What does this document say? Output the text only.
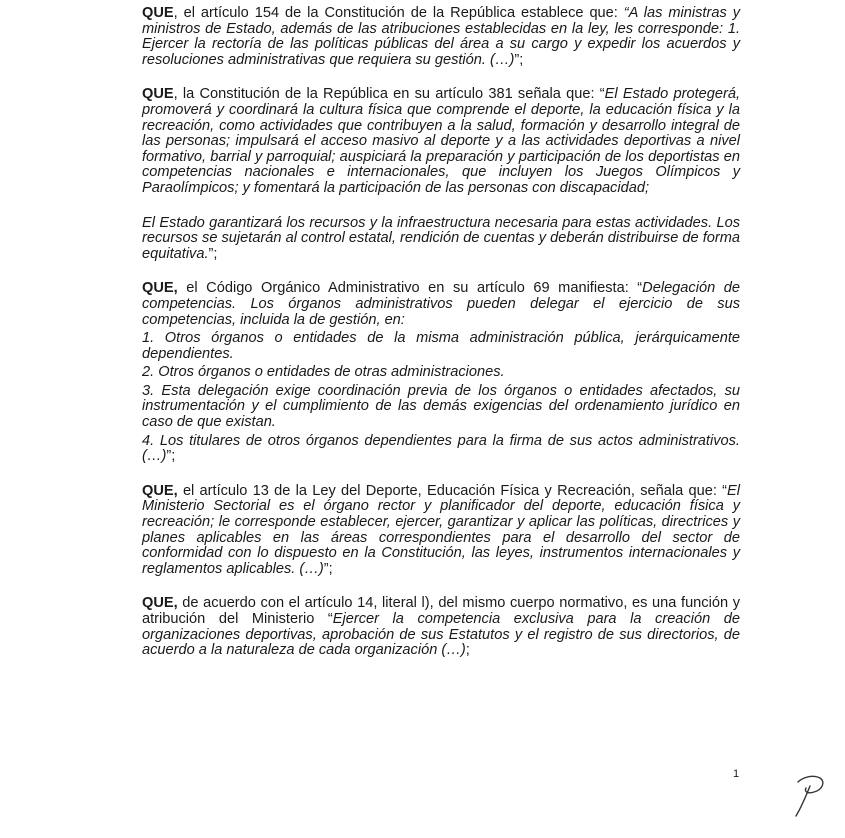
QUE, el artículo 154 de la Constitución de la República establece que: “A las ministras y ministros de Estado, además de las atribuciones establecidas en la ley, les corresponde: 1. Ejercer la rectoría de las políticas públicas del área a su cargo y expedir los acuerdos y resoluciones administrativas que requiera su gestión. (…)”;

QUE, la Constitución de la República en su artículo 381 señala que: “El Estado protegerá, promoverá y coordinará la cultura física que comprende el deporte, la educación física y la recreación, como actividades que contribuyen a la salud, formación y desarrollo integral de las personas; impulsará el acceso masivo al deporte y a las actividades deportivas a nivel formativo, barrial y parroquial; auspiciará la preparación y participación de los deportistas en competencias nacionales e internacionales, que incluyen los Juegos Olímpicos y Paraolímpicos; y fomentará la participación de las personas con discapacidad;

El Estado garantizará los recursos y la infraestructura necesaria para estas actividades. Los recursos se sujetarán al control estatal, rendición de cuentas y deberán distribuirse de forma equitativa.”;

QUE, el Código Orgánico Administrativo en su artículo 69 manifiesta: “Delegación de competencias. Los órganos administrativos pueden delegar el ejercicio de sus competencias, incluida la de gestión, en:

1. Otros órganos o entidades de la misma administración pública, jerárquicamente dependientes.

2. Otros órganos o entidades de otras administraciones.

3. Esta delegación exige coordinación previa de los órganos o entidades afectados, su instrumentación y el cumplimiento de las demás exigencias del ordenamiento jurídico en caso de que existan.

4. Los titulares de otros órganos dependientes para la firma de sus actos administrativos. (…)”;

QUE, el artículo 13 de la Ley del Deporte, Educación Física y Recreación, señala que: “El Ministerio Sectorial es el órgano rector y planificador del deporte, educación física y recreación; le corresponde establecer, ejercer, garantizar y aplicar las políticas, directrices y planes aplicables en las áreas correspondientes para el desarrollo del sector de conformidad con lo dispuesto en la Constitución, las leyes, instrumentos internacionales y reglamentos aplicables. (…)”;

QUE, de acuerdo con el artículo 14, literal l), del mismo cuerpo normativo, es una función y atribución del Ministerio “Ejercer la competencia exclusiva para la creación de organizaciones deportivas, aprobación de sus Estatutos y el registro de sus directorios, de acuerdo a la naturaleza de cada organización (…);

1
